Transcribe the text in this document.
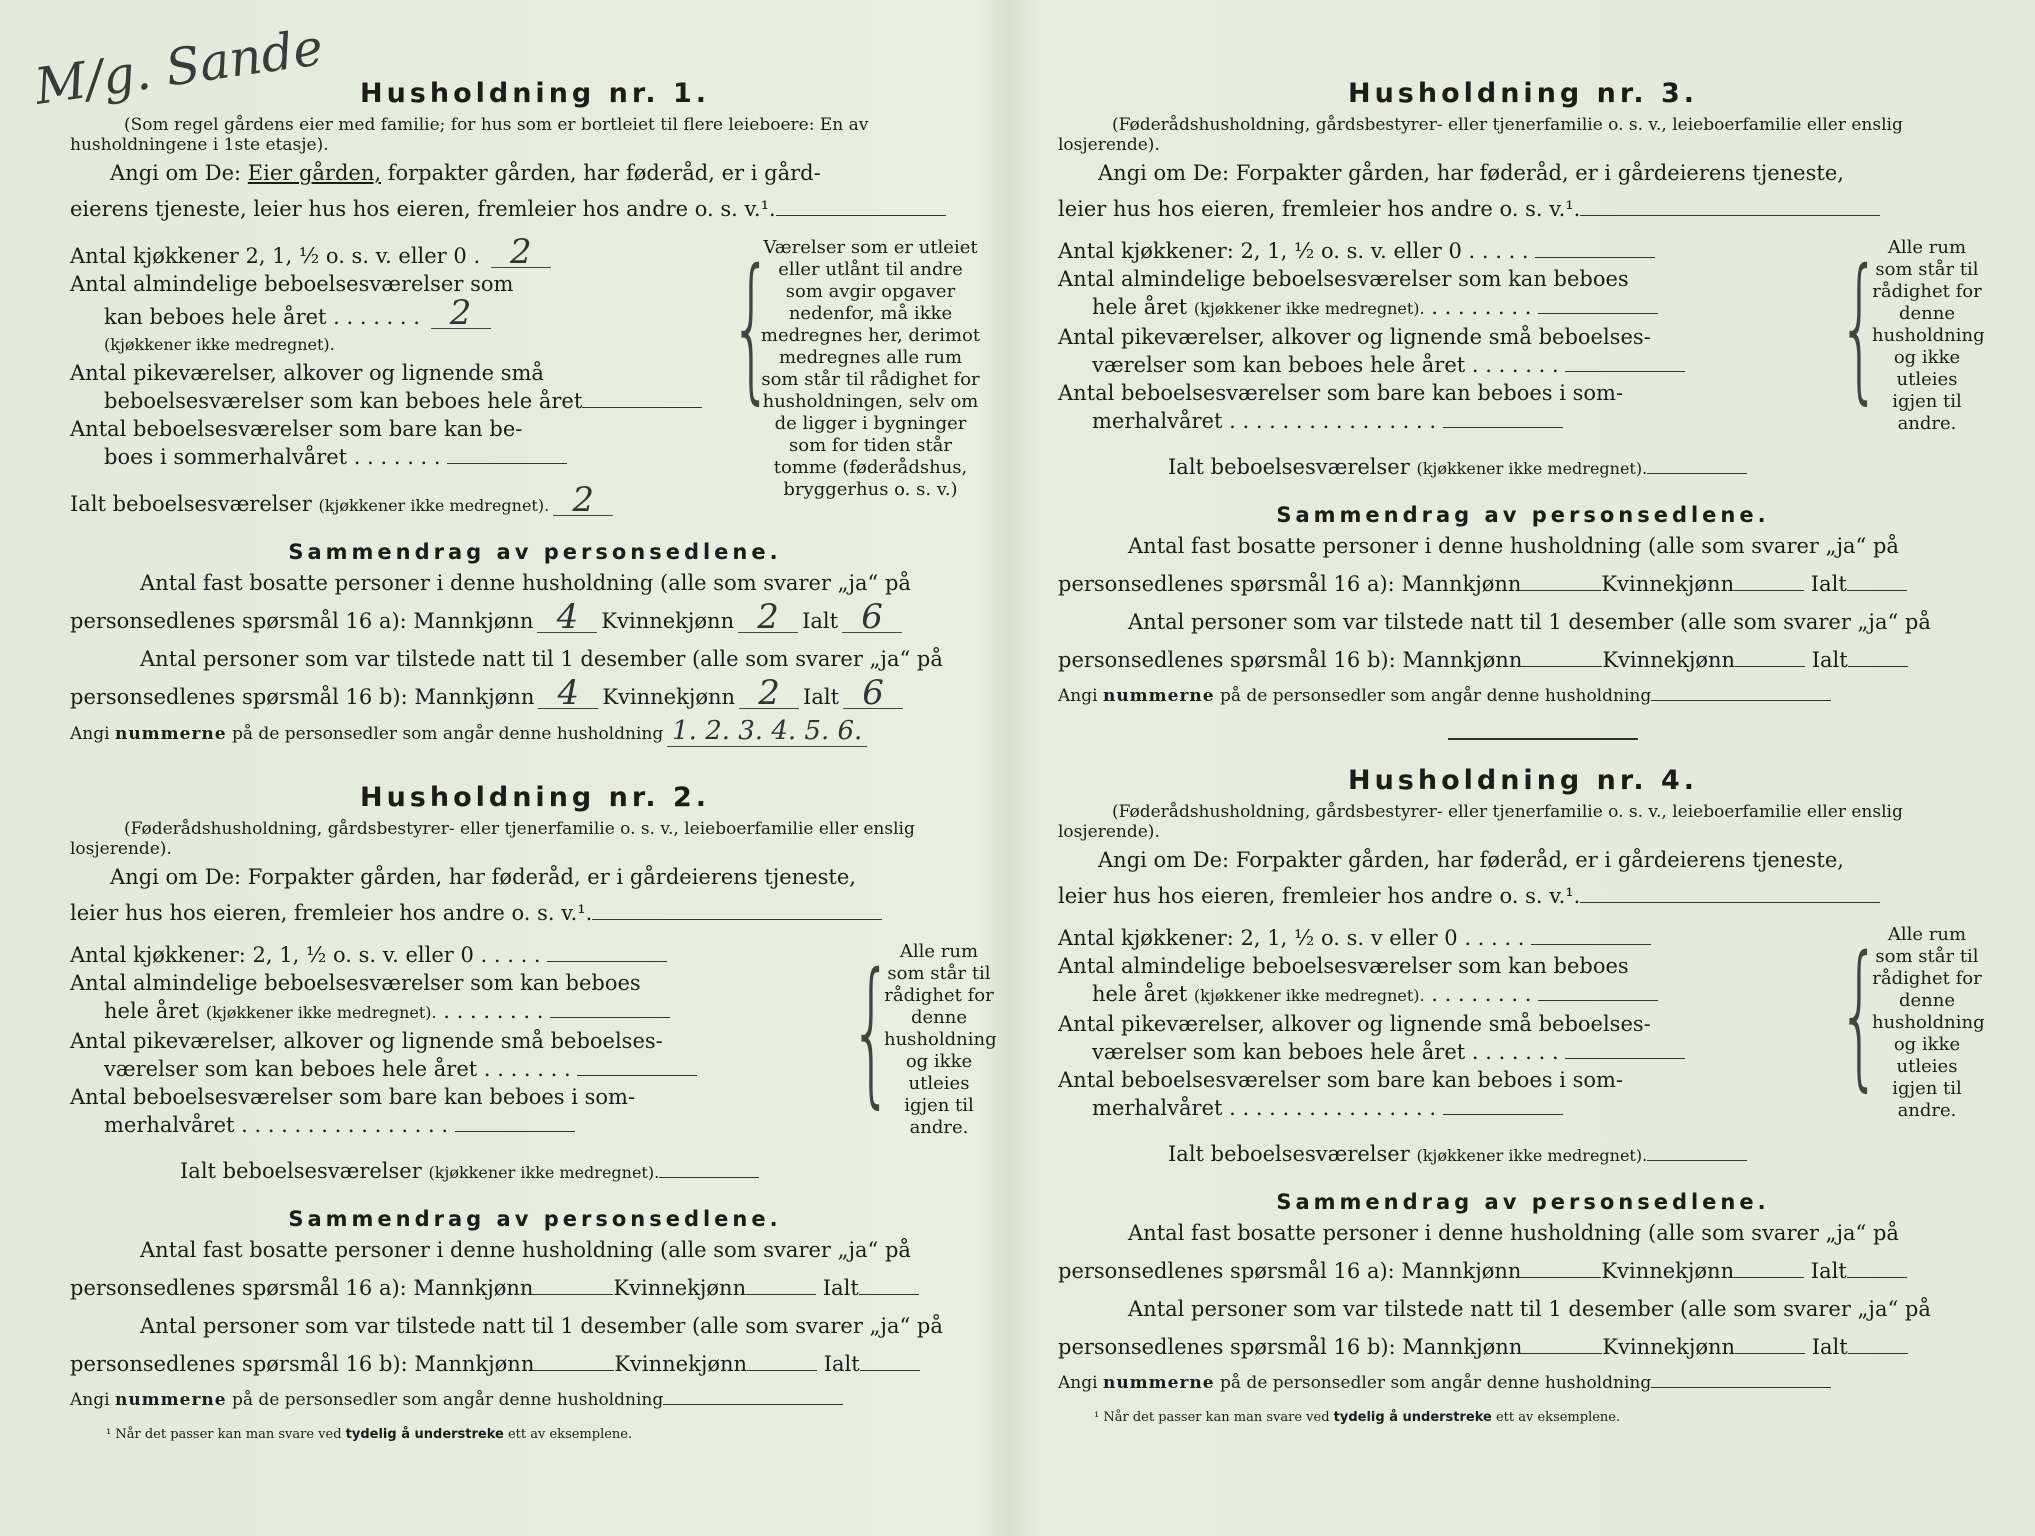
M/g. Sande	Husholdning nr. 1.

(Som regel gårdens eier med familie; for hus som er bortleiet til flere leieboere: En av husholdningene i 1ste etasje).

Angi om De: Eier gården, forpakter gården, har føderåd, er i gård-
eierens tjeneste, leier hus hos eieren, fremleier hos andre o. s. v.¹.
Antal kjøkkener 2, 1, ½ o. s. v. eller 0 . 2
Antal almindelige beboelsesværelser som
kan beboes hele året . . . . . . . 2
(kjøkkener ikke medregnet).
Antal pikeværelser, alkover og lignende små
beboelsesværelser som kan beboes hele året
Antal beboelsesværelser som bare kan be-
boes i sommerhalvåret . . . . . . .
Ialt beboelsesværelser (kjøkkener ikke medregnet). 2
{
Værelser som er utleiet eller utlånt til andre som avgir opgaver nedenfor, må ikke medregnes her, derimot medregnes alle rum som står til rådighet for husholdningen, selv om de ligger i bygninger som for tiden står tomme (føderådshus, bryggerhus o. s. v.)
Sammendrag av personsedlene.
Antal fast bosatte personer i denne husholdning (alle som svarer „ja“ på
personsedlenes spørsmål 16 a): Mannkjønn 4 Kvinnekjønn 2 Ialt 6
Antal personer som var tilstede natt til 1 desember (alle som svarer „ja“ på
personsedlenes spørsmål 16 b): Mannkjønn 4 Kvinnekjønn 2 Ialt 6
Angi nummerne på de personsedler som angår denne husholdning 1. 2. 3. 4. 5. 6.
Husholdning nr. 2.

(Føderådshusholdning, gårdsbestyrer- eller tjenerfamilie o. s. v., leieboerfamilie eller enslig losjerende).

Angi om De: Forpakter gården, har føderåd, er i gårdeierens tjeneste,
leier hus hos eieren, fremleier hos andre o. s. v.¹.
Antal kjøkkener: 2, 1, ½ o. s. v. eller 0 . . . . .
Antal almindelige beboelsesværelser som kan beboes
hele året (kjøkkener ikke medregnet). . . . . . . . .
Antal pikeværelser, alkover og lignende små beboelses-
værelser som kan beboes hele året . . . . . . .
Antal beboelsesværelser som bare kan beboes i som-
merhalvåret . . . . . . . . . . . . . . . .
Ialt beboelsesværelser (kjøkkener ikke medregnet).
{ Alle rum som står til rådighet for denne husholdning og ikke utleies igjen til andre.
Sammendrag av personsedlene.
Antal fast bosatte personer i denne husholdning (alle som svarer „ja“ på
personsedlenes spørsmål 16 a): Mannkjønn	Kvinnekjønn	Ialt
Antal personer som var tilstede natt til 1 desember (alle som svarer „ja“ på
personsedlenes spørsmål 16 b): Mannkjønn	Kvinnekjønn	Ialt
Angi nummerne på de personsedler som angår denne husholdning
¹ Når det passer kan man svare ved tydelig å understreke ett av eksemplene.
Husholdning nr. 3.

(Føderådshusholdning, gårdsbestyrer- eller tjenerfamilie o. s. v., leieboerfamilie eller enslig losjerende).

Angi om De: Forpakter gården, har føderåd, er i gårdeierens tjeneste,
leier hus hos eieren, fremleier hos andre o. s. v.¹.
Antal kjøkkener: 2, 1, ½ o. s. v. eller 0 . . . . .
Antal almindelige beboelsesværelser som kan beboes
hele året (kjøkkener ikke medregnet). . . . . . . . .
Antal pikeværelser, alkover og lignende små beboelses-
værelser som kan beboes hele året . . . . . . .
Antal beboelsesværelser som bare kan beboes i som-
merhalvåret . . . . . . . . . . . . . . . .
Ialt beboelsesværelser (kjøkkener ikke medregnet).
{ Alle rum som står til rådighet for denne husholdning og ikke utleies igjen til andre.
Sammendrag av personsedlene.
Antal fast bosatte personer i denne husholdning (alle som svarer „ja“ på
personsedlenes spørsmål 16 a): Mannkjønn	Kvinnekjønn	Ialt
Antal personer som var tilstede natt til 1 desember (alle som svarer „ja“ på
personsedlenes spørsmål 16 b): Mannkjønn	Kvinnekjønn	Ialt
Angi nummerne på de personsedler som angår denne husholdning
Husholdning nr. 4.

(Føderådshusholdning, gårdsbestyrer- eller tjenerfamilie o. s. v., leieboerfamilie eller enslig losjerende).

Angi om De: Forpakter gården, har føderåd, er i gårdeierens tjeneste,
leier hus hos eieren, fremleier hos andre o. s. v.¹.
Antal kjøkkener: 2, 1, ½ o. s. v eller 0 . . . . .
Antal almindelige beboelsesværelser som kan beboes
hele året (kjøkkener ikke medregnet). . . . . . . . .
Antal pikeværelser, alkover og lignende små beboelses-
værelser som kan beboes hele året . . . . . . .
Antal beboelsesværelser som bare kan beboes i som-
merhalvåret . . . . . . . . . . . . . . . .
Ialt beboelsesværelser (kjøkkener ikke medregnet).
{ Alle rum som står til rådighet for denne husholdning og ikke utleies igjen til andre.
Sammendrag av personsedlene.
Antal fast bosatte personer i denne husholdning (alle som svarer „ja“ på
personsedlenes spørsmål 16 a): Mannkjønn	Kvinnekjønn	Ialt
Antal personer som var tilstede natt til 1 desember (alle som svarer „ja“ på
personsedlenes spørsmål 16 b): Mannkjønn	Kvinnekjønn	Ialt
Angi nummerne på de personsedler som angår denne husholdning
¹ Når det passer kan man svare ved tydelig å understreke ett av eksemplene.
